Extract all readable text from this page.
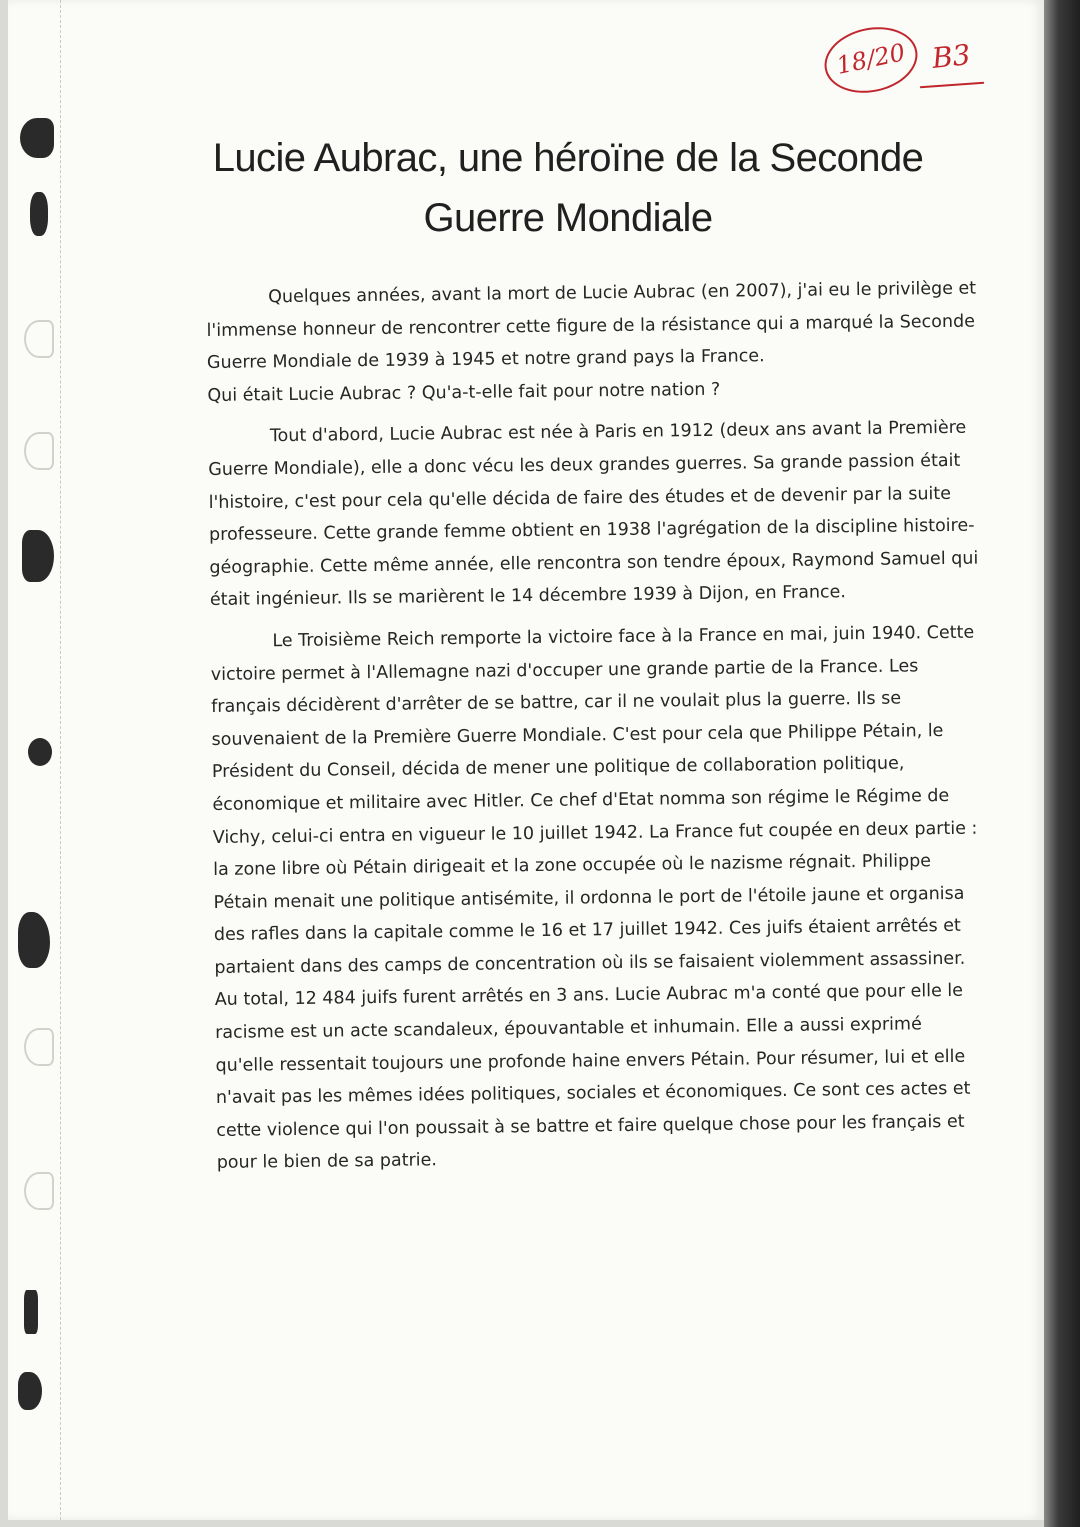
18/20 B3
Lucie Aubrac, une héroïne de la Seconde Guerre Mondiale

Quelques années, avant la mort de Lucie Aubrac (en 2007), j'ai eu le privilège et l'immense honneur de rencontrer cette figure de la résistance qui a marqué la Seconde Guerre Mondiale de 1939 à 1945 et notre grand pays la France.

Qui était Lucie Aubrac ? Qu'a-t-elle fait pour notre nation ?

Tout d'abord, Lucie Aubrac est née à Paris en 1912 (deux ans avant la Première Guerre Mondiale), elle a donc vécu les deux grandes guerres. Sa grande passion était l'histoire, c'est pour cela qu'elle décida de faire des études et de devenir par la suite professeure. Cette grande femme obtient en 1938 l'agrégation de la discipline histoire-géographie. Cette même année, elle rencontra son tendre époux, Raymond Samuel qui était ingénieur. Ils se marièrent le 14 décembre 1939 à Dijon, en France.

Le Troisième Reich remporte la victoire face à la France en mai, juin 1940. Cette victoire permet à l'Allemagne nazi d'occuper une grande partie de la France. Les français décidèrent d'arrêter de se battre, car il ne voulait plus la guerre. Ils se souvenaient de la Première Guerre Mondiale. C'est pour cela que Philippe Pétain, le Président du Conseil, décida de mener une politique de collaboration politique, économique et militaire avec Hitler. Ce chef d'Etat nomma son régime le Régime de Vichy, celui-ci entra en vigueur le 10 juillet 1942. La France fut coupée en deux partie : la zone libre où Pétain dirigeait et la zone occupée où le nazisme régnait. Philippe Pétain menait une politique antisémite, il ordonna le port de l'étoile jaune et organisa des rafles dans la capitale comme le 16 et 17 juillet 1942. Ces juifs étaient arrêtés et partaient dans des camps de concentration où ils se faisaient violemment assassiner. Au total, 12 484 juifs furent arrêtés en 3 ans. Lucie Aubrac m'a conté que pour elle le racisme est un acte scandaleux, épouvantable et inhumain. Elle a aussi exprimé qu'elle ressentait toujours une profonde haine envers Pétain. Pour résumer, lui et elle n'avait pas les mêmes idées politiques, sociales et économiques. Ce sont ces actes et cette violence qui l'on poussait à se battre et faire quelque chose pour les français et pour le bien de sa patrie.
